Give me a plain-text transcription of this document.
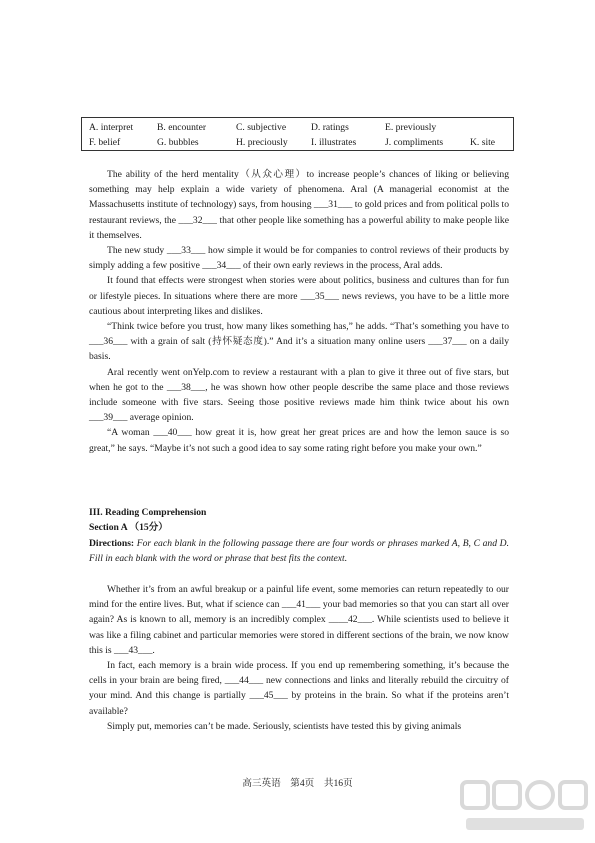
A. interpret B. encounter	C. subjective	D. ratings	E. previously
F. belief	G. bubbles	H. preciously I. illustrates	J. compliments	K. site

The ability of the herd mentality（从众心理）to increase people’s chances of liking or believing something may help explain a wide variety of phenomena. Aral (A managerial economist at the Massachusetts institute of technology) says, from housing ___31___ to gold prices and from political polls to restaurant reviews, the ___32___ that other people like something has a powerful ability to make people like it themselves.

The new study ___33___ how simple it would be for companies to control reviews of their products by simply adding a few positive ___34___ of their own early reviews in the process, Aral adds.

It found that effects were strongest when stories were about politics, business and cultures than for fun or lifestyle pieces. In situations where there are more ___35___ news reviews, you have to be a little more cautious about interpreting likes and dislikes.

“Think twice before you trust, how many likes something has,” he adds. “That’s something you have to ___36___ with a grain of salt (持怀疑态度).” And it’s a situation many online users ___37___ on a daily basis.

Aral recently went onYelp.com to review a restaurant with a plan to give it three out of five stars, but when he got to the ___38___, he was shown how other people describe the same place and those reviews include someone with five stars. Seeing those positive reviews made him think twice about his own ___39___ average opinion.

“A woman ___40___ how great it is, how great her great prices are and how the lemon sauce is so great,” he says. “Maybe it’s not such a good idea to say some rating right before you make your own.”

III. Reading Comprehension
Section A （15分）
Directions: For each blank in the following passage there are four words or phrases marked A, B, C and D. Fill in each blank with the word or phrase that best fits the context.

Whether it’s from an awful breakup or a painful life event, some memories can return repeatedly to our mind for the entire lives. But, what if science can ___41___ your bad memories so that you can start all over again? As is known to all, memory is an incredibly complex ____42___. While scientists used to believe it was like a filing cabinet and particular memories were stored in different sections of the brain, we now know this is ___43___.

In fact, each memory is a brain wide process. If you end up remembering something, it’s because the cells in your brain are being fired, ___44___ new connections and links and literally rebuild the circuitry of your mind. And this change is partially ___45___ by proteins in the brain. So what if the proteins aren’t available?

Simply put, memories can’t be made. Seriously, scientists have tested this by giving animals

高三英语　第4页　共16页
